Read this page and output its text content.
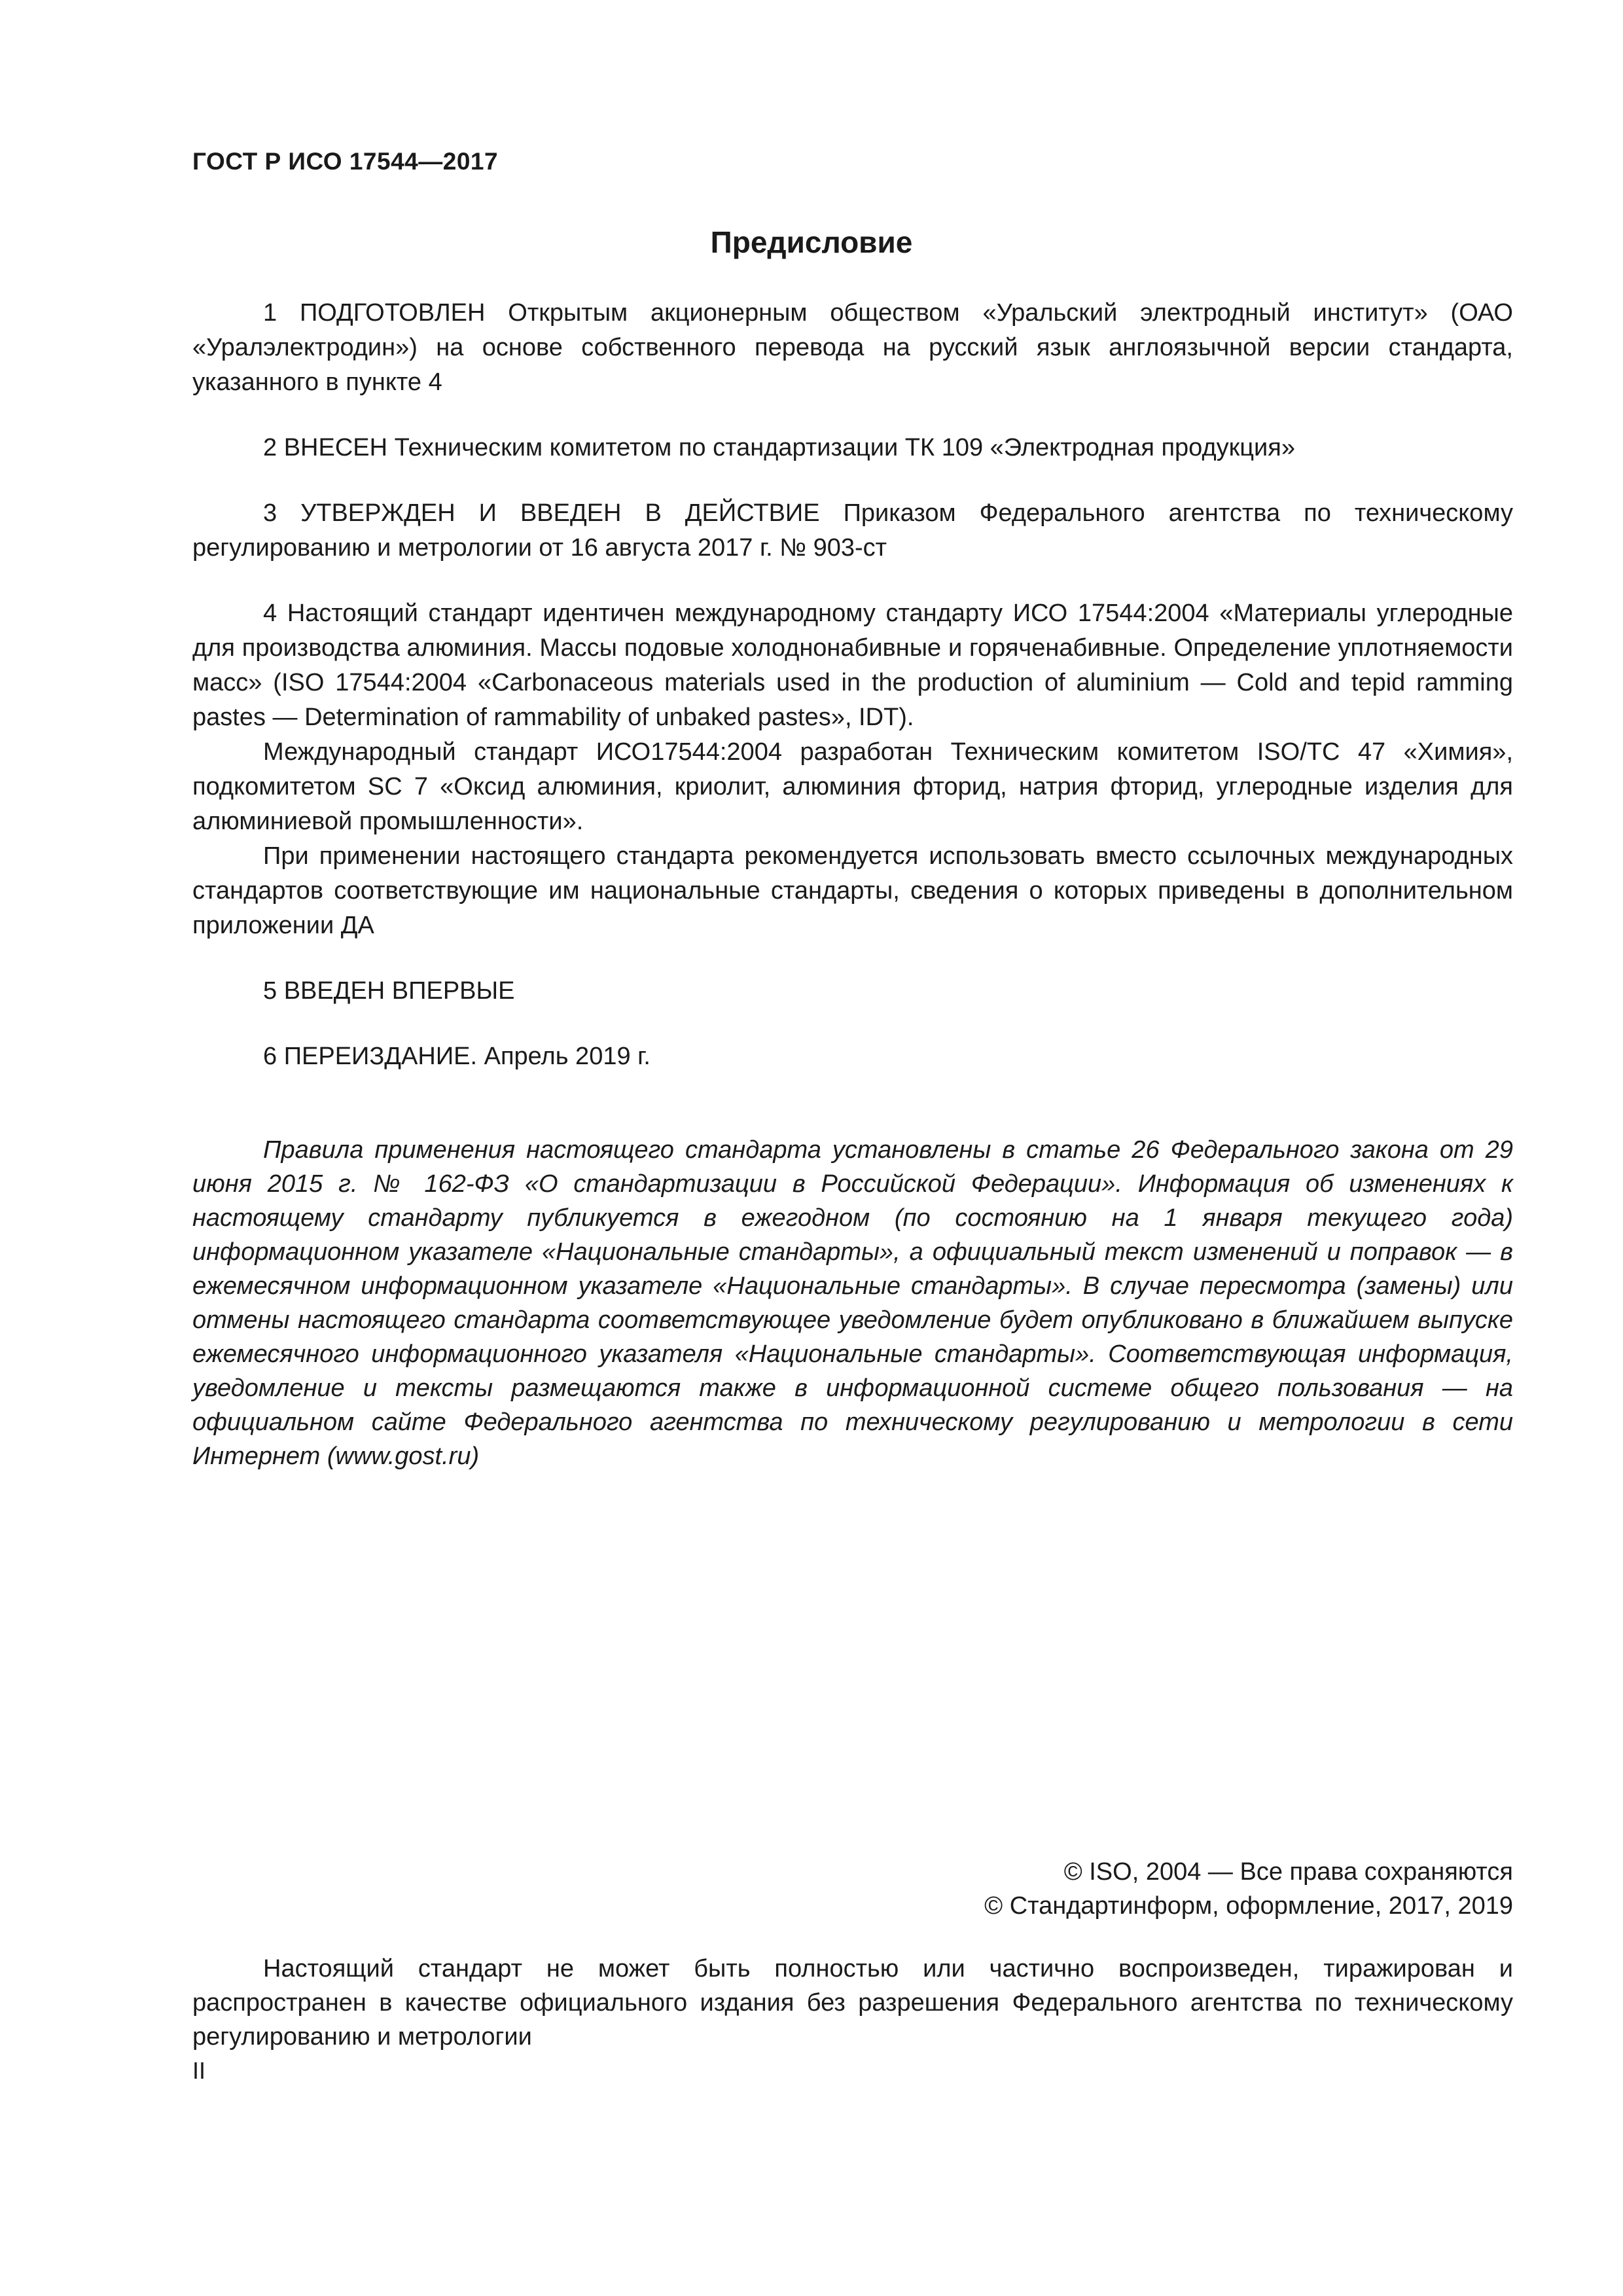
ГОСТ Р ИСО 17544—2017
Предисловие

1 ПОДГОТОВЛЕН Открытым акционерным обществом «Уральский электродный институт» (ОАО «Уралэлектродин») на основе собственного перевода на русский язык англоязычной версии стандарта, указанного в пункте 4

2 ВНЕСЕН Техническим комитетом по стандартизации ТК 109 «Электродная продукция»

3 УТВЕРЖДЕН И ВВЕДЕН В ДЕЙСТВИЕ Приказом Федерального агентства по техническому регулированию и метрологии от 16 августа 2017 г. № 903-ст

4 Настоящий стандарт идентичен международному стандарту ИСО 17544:2004 «Материалы углеродные для производства алюминия. Массы подовые холоднонабивные и горяченабивные. Определение уплотняемости масс» (ISO 17544:2004 «Carbonaceous materials used in the production of aluminium — Cold and tepid ramming pastes — Determination of rammability of unbaked pastes», IDT).

Международный стандарт ИСО17544:2004 разработан Техническим комитетом ISO/TC 47 «Химия», подкомитетом SC 7 «Оксид алюминия, криолит, алюминия фторид, натрия фторид, углеродные изделия для алюминиевой промышленности».

При применении настоящего стандарта рекомендуется использовать вместо ссылочных международных стандартов соответствующие им национальные стандарты, сведения о которых приведены в дополнительном приложении ДА

5 ВВЕДЕН ВПЕРВЫЕ

6 ПЕРЕИЗДАНИЕ. Апрель 2019 г.

Правила применения настоящего стандарта установлены в статье 26 Федерального закона от 29 июня 2015 г. № 162-ФЗ «О стандартизации в Российской Федерации». Информация об изменениях к настоящему стандарту публикуется в ежегодном (по состоянию на 1 января текущего года) информационном указателе «Национальные стандарты», а официальный текст изменений и поправок — в ежемесячном информационном указателе «Национальные стандарты». В случае пересмотра (замены) или отмены настоящего стандарта соответствующее уведомление будет опубликовано в ближайшем выпуске ежемесячного информационного указателя «Национальные стандарты». Соответствующая информация, уведомление и тексты размещаются также в информационной системе общего пользования — на официальном сайте Федерального агентства по техническому регулированию и метрологии в сети Интернет (www.gost.ru)

© ISO, 2004 — Все права сохраняются
© Стандартинформ, оформление, 2017, 2019

Настоящий стандарт не может быть полностью или частично воспроизведен, тиражирован и распространен в качестве официального издания без разрешения Федерального агентства по техническому регулированию и метрологии

II
